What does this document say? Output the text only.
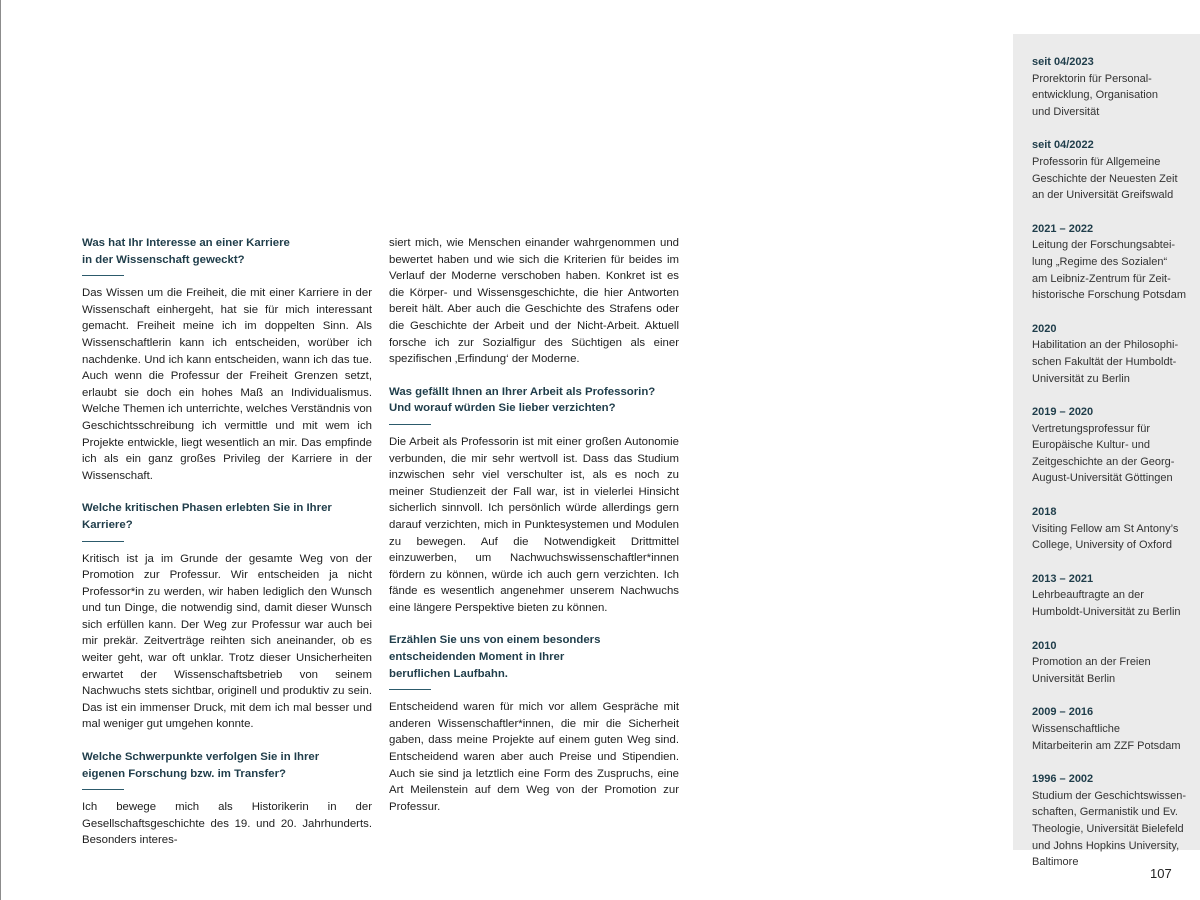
Was hat Ihr Interesse an einer Karriere
in der Wissenschaft geweckt?

Das Wissen um die Freiheit, die mit einer Karriere in der Wissenschaft einhergeht, hat sie für mich interessant gemacht. Freiheit meine ich im doppelten Sinn. Als Wissenschaftlerin kann ich entscheiden, worüber ich nachdenke. Und ich kann entscheiden, wann ich das tue. Auch wenn die Professur der Freiheit Grenzen setzt, erlaubt sie doch ein hohes Maß an Individualismus. Welche Themen ich unterrichte, welches Verständnis von Geschichtsschreibung ich vermittle und mit wem ich Projekte entwickle, liegt wesentlich an mir. Das empfinde ich als ein ganz großes Privileg der Karriere in der Wissenschaft.

Welche kritischen Phasen erlebten Sie in Ihrer Karriere?

Kritisch ist ja im Grunde der gesamte Weg von der Promotion zur Professur. Wir entscheiden ja nicht Professor*in zu werden, wir haben lediglich den Wunsch und tun Dinge, die notwendig sind, damit dieser Wunsch sich erfüllen kann. Der Weg zur Professur war auch bei mir prekär. Zeitverträge reihten sich aneinander, ob es weiter geht, war oft unklar. Trotz dieser Unsicherheiten erwartet der Wissenschaftsbetrieb von seinem Nachwuchs stets sichtbar, originell und produktiv zu sein. Das ist ein immenser Druck, mit dem ich mal besser und mal weniger gut umgehen konnte.

Welche Schwerpunkte verfolgen Sie in Ihrer
eigenen Forschung bzw. im Transfer?

Ich bewege mich als Historikerin in der Gesellschaftsgeschichte des 19. und 20. Jahrhunderts. Besonders interes-

siert mich, wie Menschen einander wahrgenommen und bewertet haben und wie sich die Kriterien für beides im Verlauf der Moderne verschoben haben. Konkret ist es die Körper- und Wissensgeschichte, die hier Antworten bereit hält. Aber auch die Geschichte des Strafens oder die Geschichte der Arbeit und der Nicht-Arbeit. Aktuell forsche ich zur Sozialfigur des Süchtigen als einer spezifischen ‚Erfindung‘ der Moderne.

Was gefällt Ihnen an Ihrer Arbeit als Professorin?
Und worauf würden Sie lieber verzichten?

Die Arbeit als Professorin ist mit einer großen Autonomie verbunden, die mir sehr wertvoll ist. Dass das Studium inzwischen sehr viel verschulter ist, als es noch zu meiner Studienzeit der Fall war, ist in vielerlei Hinsicht sicherlich sinnvoll. Ich persönlich würde allerdings gern darauf verzichten, mich in Punktesystemen und Modulen zu bewegen. Auf die Notwendigkeit Drittmittel einzuwerben, um Nachwuchswissenschaftler*innen fördern zu können, würde ich auch gern verzichten. Ich fände es wesentlich angenehmer unserem Nachwuchs eine längere Perspektive bieten zu können.

Erzählen Sie uns von einem besonders
entscheidenden Moment in Ihrer
beruflichen Laufbahn.

Entscheidend waren für mich vor allem Gespräche mit anderen Wissenschaftler*innen, die mir die Sicherheit gaben, dass meine Projekte auf einem guten Weg sind. Entscheidend waren aber auch Preise und Stipendien. Auch sie sind ja letztlich eine Form des Zuspruchs, eine Art Meilenstein auf dem Weg von der Promotion zur Professur.

seit 04/2023
Prorektorin für Personal-
entwicklung, Organisation
und Diversität
seit 04/2022
Professorin für Allgemeine
Geschichte der Neuesten Zeit
an der Universität Greifswald
2021 – 2022
Leitung der Forschungsabtei-
lung „Regime des Sozialen“
am Leibniz-Zentrum für Zeit-
historische Forschung Potsdam
2020
Habilitation an der Philosophi-
schen Fakultät der Humboldt-
Universität zu Berlin
2019 – 2020
Vertretungsprofessur für
Europäische Kultur- und
Zeitgeschichte an der Georg-
August-Universität Göttingen
2018
Visiting Fellow am St Antony’s
College, University of Oxford
2013 – 2021
Lehrbeauftragte an der
Humboldt-Universität zu Berlin
2010
Promotion an der Freien
Universität Berlin
2009 – 2016
Wissenschaftliche
Mitarbeiterin am ZZF Potsdam
1996 – 2002
Studium der Geschichtswissen-
schaften, Germanistik und Ev.
Theologie, Universität Bielefeld
und Johns Hopkins University,
Baltimore
107
